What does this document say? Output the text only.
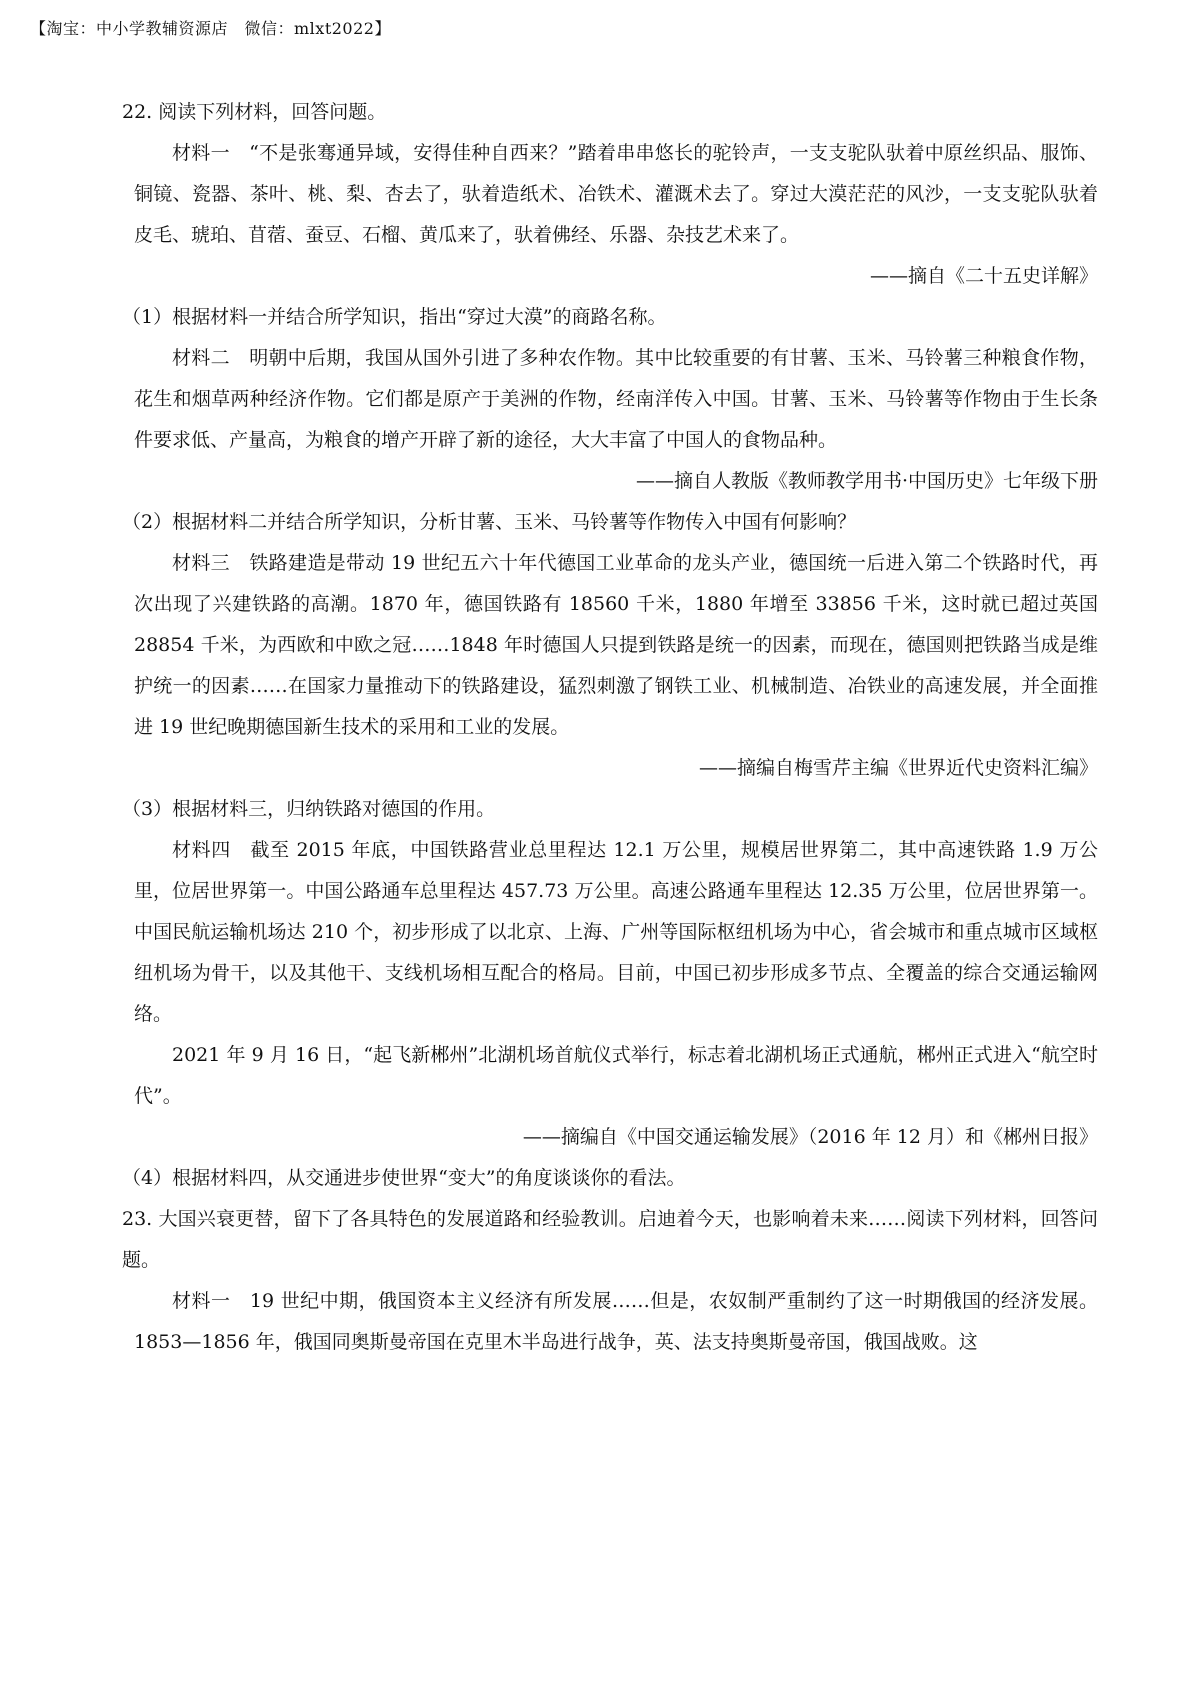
【淘宝：中小学教辅资源店　微信：mlxt2022】

22. 阅读下列材料，回答问题。

材料一　“不是张骞通异域，安得佳种自西来？”踏着串串悠长的驼铃声，一支支驼队驮着中原丝织品、服饰、铜镜、瓷器、茶叶、桃、梨、杏去了，驮着造纸术、冶铁术、灌溉术去了。穿过大漠茫茫的风沙，一支支驼队驮着皮毛、琥珀、苜蓿、蚕豆、石榴、黄瓜来了，驮着佛经、乐器、杂技艺术来了。

——摘自《二十五史详解》

（1）根据材料一并结合所学知识，指出“穿过大漠”的商路名称。

材料二　明朝中后期，我国从国外引进了多种农作物。其中比较重要的有甘薯、玉米、马铃薯三种粮食作物，花生和烟草两种经济作物。它们都是原产于美洲的作物，经南洋传入中国。甘薯、玉米、马铃薯等作物由于生长条件要求低、产量高，为粮食的增产开辟了新的途径，大大丰富了中国人的食物品种。

——摘自人教版《教师教学用书·中国历史》七年级下册

（2）根据材料二并结合所学知识，分析甘薯、玉米、马铃薯等作物传入中国有何影响？

材料三　铁路建造是带动 19 世纪五六十年代德国工业革命的龙头产业，德国统一后进入第二个铁路时代，再次出现了兴建铁路的高潮。1870 年，德国铁路有 18560 千米，1880 年增至 33856 千米，这时就已超过英国 28854 千米，为西欧和中欧之冠……1848 年时德国人只提到铁路是统一的因素，而现在，德国则把铁路当成是维护统一的因素……在国家力量推动下的铁路建设，猛烈刺激了钢铁工业、机械制造、冶铁业的高速发展，并全面推进 19 世纪晚期德国新生技术的采用和工业的发展。

——摘编自梅雪芹主编《世界近代史资料汇编》

（3）根据材料三，归纳铁路对德国的作用。

材料四　截至 2015 年底，中国铁路营业总里程达 12.1 万公里，规模居世界第二，其中高速铁路 1.9 万公里，位居世界第一。中国公路通车总里程达 457.73 万公里。高速公路通车里程达 12.35 万公里，位居世界第一。中国民航运输机场达 210 个，初步形成了以北京、上海、广州等国际枢纽机场为中心，省会城市和重点城市区域枢纽机场为骨干，以及其他干、支线机场相互配合的格局。目前，中国已初步形成多节点、全覆盖的综合交通运输网络。

2021 年 9 月 16 日，“起飞新郴州”北湖机场首航仪式举行，标志着北湖机场正式通航，郴州正式进入“航空时代”。

——摘编自《中国交通运输发展》（2016 年 12 月）和《郴州日报》

（4）根据材料四，从交通进步使世界“变大”的角度谈谈你的看法。

23. 大国兴衰更替，留下了各具特色的发展道路和经验教训。启迪着今天，也影响着未来……阅读下列材料，回答问题。

材料一　19 世纪中期，俄国资本主义经济有所发展……但是，农奴制严重制约了这一时期俄国的经济发展。1853—1856 年，俄国同奥斯曼帝国在克里木半岛进行战争，英、法支持奥斯曼帝国，俄国战败。这
